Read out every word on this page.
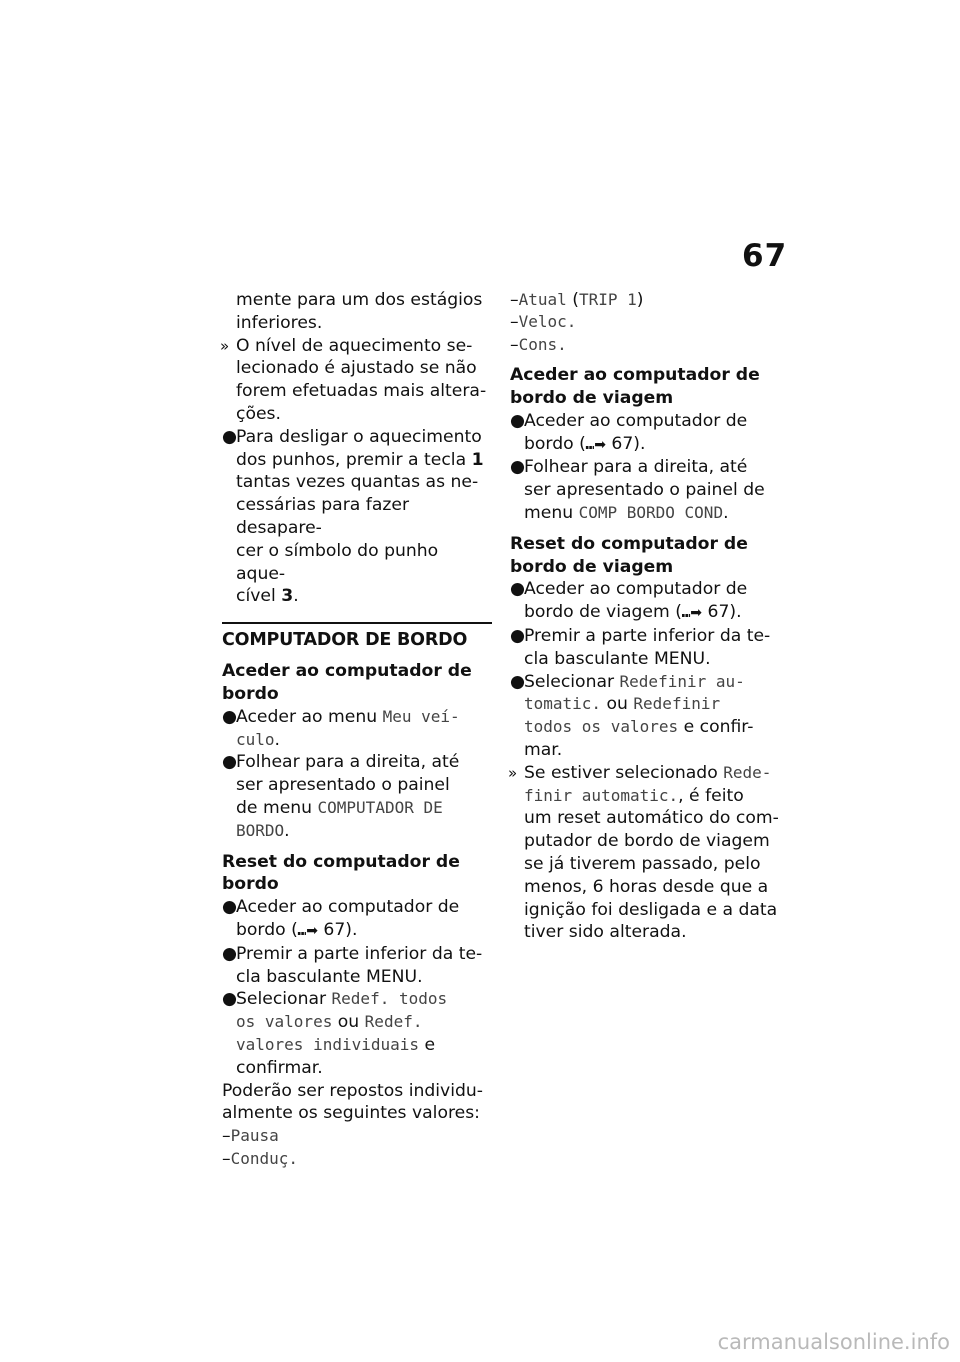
67
mente para um dos estágios
inferiores.
» O nível de aquecimento se-
lecionado é ajustado se não
forem efetuadas mais altera-
ções.
● Para desligar o aquecimento
dos punhos, premir a tecla 1
tantas vezes quantas as ne-
cessárias para fazer desapare-
cer o símbolo do punho aque-
cível 3.
COMPUTADOR DE BORDO
Aceder ao computador de
bordo
● Aceder ao menu Meu veí-
culo.
● Folhear para a direita, até
ser apresentado o painel
de menu COMPUTADOR DE
BORDO.
Reset do computador de
bordo
● Aceder ao computador de
bordo (⑉➡ 67).
● Premir a parte inferior da te-
cla basculante MENU.
● Selecionar Redef. todos
os valores ou Redef.
valores individuais e
confirmar.
Poderão ser repostos individu-
almente os seguintes valores:
–Pausa
–Conduç.
–Atual (TRIP 1)
–Veloc.
–Cons.
Aceder ao computador de
bordo de viagem
● Aceder ao computador de
bordo (⑉➡ 67).
● Folhear para a direita, até
ser apresentado o painel de
menu COMP BORDO COND.
Reset do computador de
bordo de viagem
● Aceder ao computador de
bordo de viagem (⑉➡ 67).
● Premir a parte inferior da te-
cla basculante MENU.
● Selecionar Redefinir au-
tomatic. ou Redefinir
todos os valores e confir-
mar.
» Se estiver selecionado Rede-
finir automatic., é feito
um reset automático do com-
putador de bordo de viagem
se já tiverem passado, pelo
menos, 6 horas desde que a
ignição foi desligada e a data
tiver sido alterada.
carmanualsonline.info
